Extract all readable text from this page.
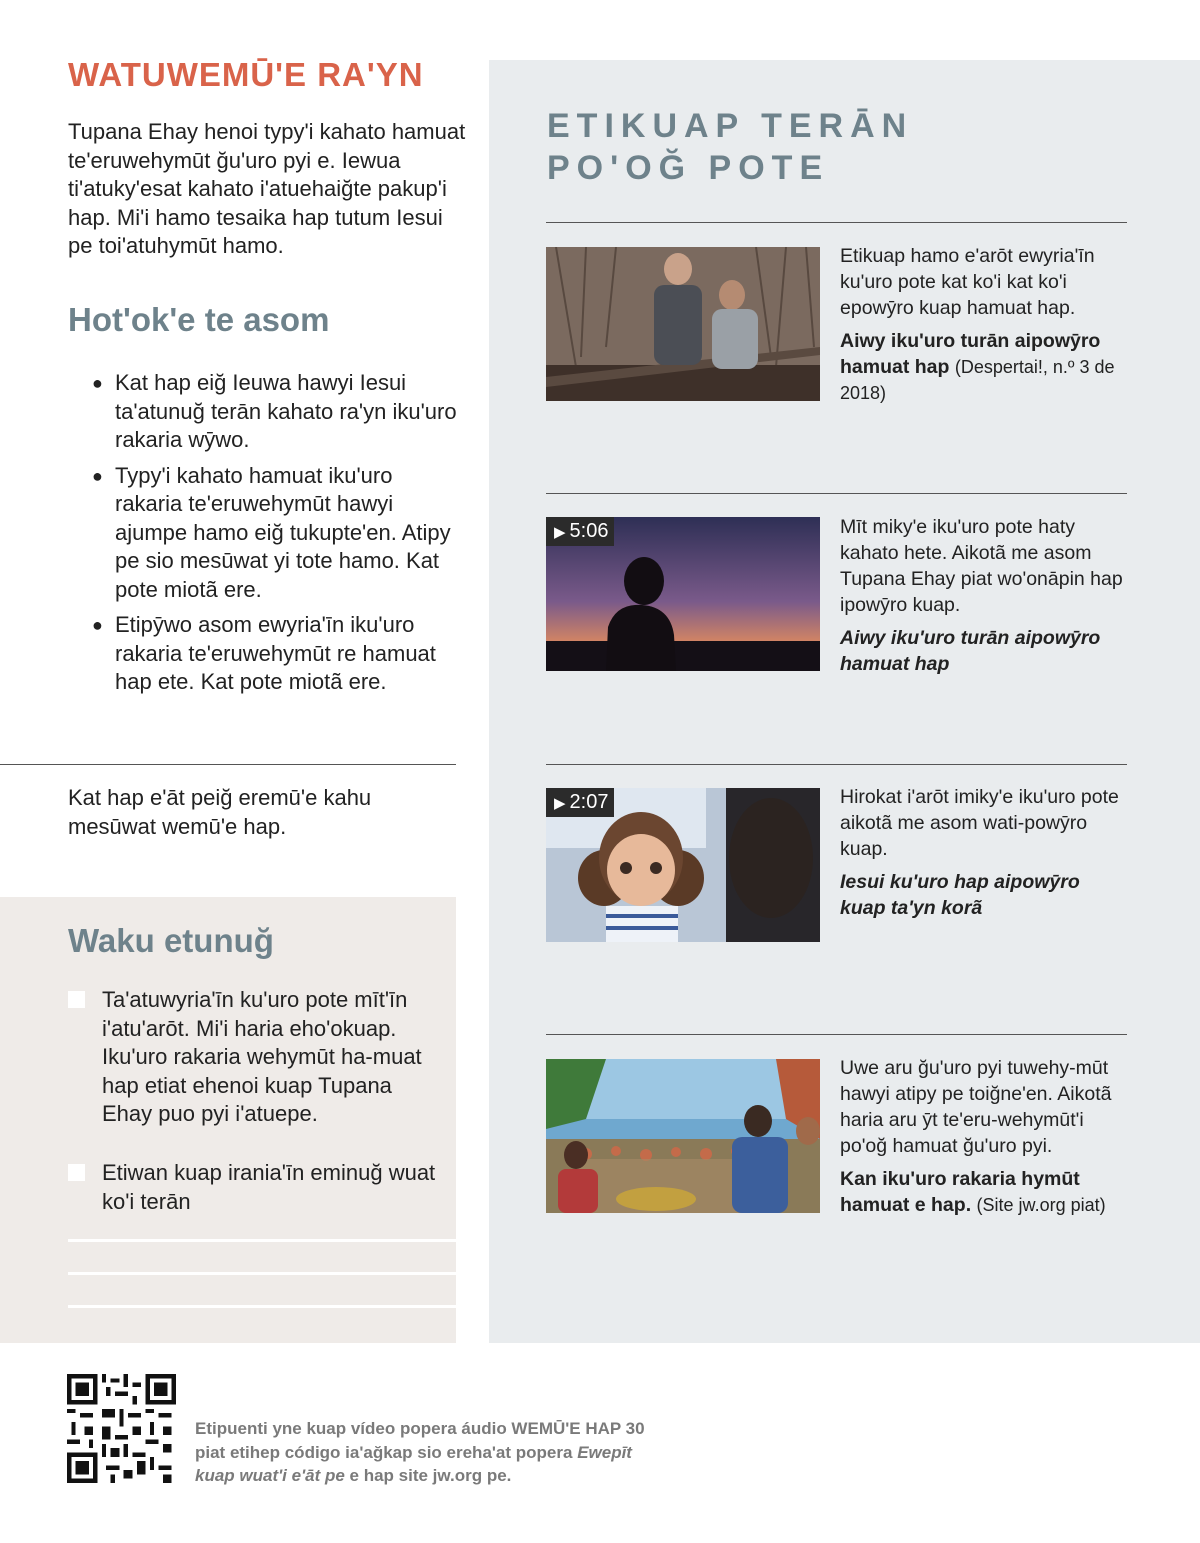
WATUWEMŪ'E RA'YN

Tupana Ehay henoi typy'i kahato hamuat te'eruwehymūt ğu'uro pyi e. Iewua ti'atuky'esat kahato i'atuehaiğte pakup'i hap. Mi'i hamo tesaika hap tutum Iesui pe toi'atuhymūt hamo.

Hot'ok'e te asom
● Kat hap eiğ Ieuwa hawyi Iesui ta'atunuğ terān kahato ra'yn iku'uro rakaria wȳwo.
● Typy'i kahato hamuat iku'uro rakaria te'eruwehymūt hawyi ajumpe hamo eiğ tukupte'en. Atipy pe sio mesūwat yi tote hamo. Kat pote miotã ere.
● Etipȳwo asom ewyria'īn iku'uro rakaria te'eruwehymūt re hamuat hap ete. Kat pote miotã ere.

Kat hap e'āt peiğ eremū'e kahu mesūwat wemū'e hap.

Waku etunuğ

Ta'atuwyria'īn ku'uro pote mīt'īn i'atu'arōt. Mi'i haria eho'okuap. Iku'uro rakaria wehymūt ha-muat hap etiat ehenoi kuap Tupana Ehay puo pyi i'atuepe.

Etiwan kuap irania'īn eminuğ wuat ko'i terān

ETIKUAP TERĀN
PO'OĞ POTE

Etikuap hamo e'arōt ewyria'īn ku'uro pote kat ko'i kat ko'i epowȳro kuap hamuat hap.

Aiwy iku'uro turān aipowȳro hamuat hap (Despertai!, n.º 3 de 2018)

▶ 5:06	Mīt miky'e iku'uro pote haty kahato hete. Aikotã me asom Tupana Ehay piat wo'onāpin hap ipowȳro kuap.

Aiwy iku'uro turān aipowȳro hamuat hap

▶ 2:07	Hirokat i'arōt imiky'e iku'uro pote aikotã me asom wati-powȳro kuap.

Iesui ku'uro hap aipowȳro kuap ta'yn korã

Uwe aru ğu'uro pyi tuwehy-mūt hawyi atipy pe toiğne'en. Aikotã haria aru ȳt te'eru-wehymūt'i po'oğ hamuat ğu'uro pyi.

Kan iku'uro rakaria hymūt hamuat e hap. (Site jw.org piat)

Etipuenti yne kuap vídeo popera áudio WEMŪ'E HAP 30
piat etihep código ia'ağkap sio ereha'at popera Ewepīt kuap wuat'i e'āt pe e hap site jw.org pe.
